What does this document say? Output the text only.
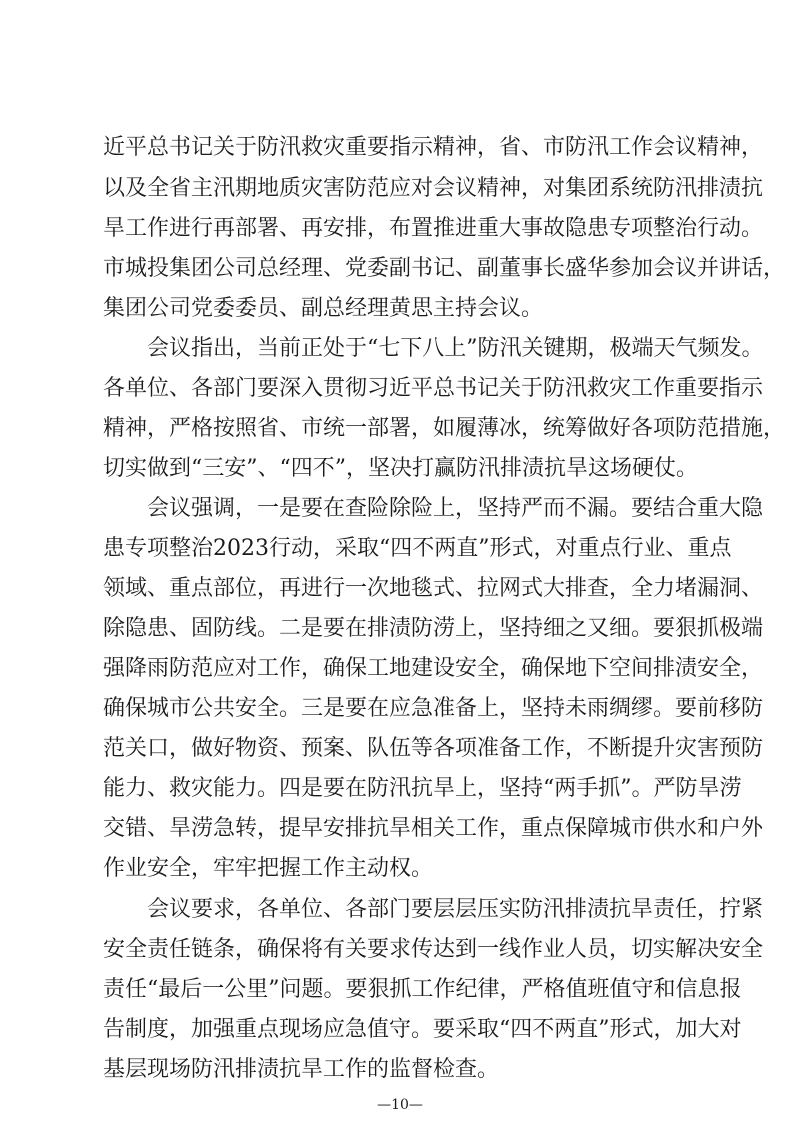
近平总书记关于防汛救灾重要指示精神，省、市防汛工作会议精神，
以及全省主汛期地质灾害防范应对会议精神，对集团系统防汛排渍抗
旱工作进行再部署、再安排，布置推进重大事故隐患专项整治行动。
市城投集团公司总经理、党委副书记、副董事长盛华参加会议并讲话，
集团公司党委委员、副总经理黄思主持会议。
会议指出，当前正处于“七下八上”防汛关键期，极端天气频发。
各单位、各部门要深入贯彻习近平总书记关于防汛救灾工作重要指示
精神，严格按照省、市统一部署，如履薄冰，统筹做好各项防范措施，
切实做到“三安”、“四不”，坚决打赢防汛排渍抗旱这场硬仗。
会议强调，一是要在查险除险上，坚持严而不漏。要结合重大隐
患专项整治2023行动，采取“四不两直”形式，对重点行业、重点
领域、重点部位，再进行一次地毯式、拉网式大排查，全力堵漏洞、
除隐患、固防线。二是要在排渍防涝上，坚持细之又细。要狠抓极端
强降雨防范应对工作，确保工地建设安全，确保地下空间排渍安全，
确保城市公共安全。三是要在应急准备上，坚持未雨绸缪。要前移防
范关口，做好物资、预案、队伍等各项准备工作，不断提升灾害预防
能力、救灾能力。四是要在防汛抗旱上，坚持“两手抓”。严防旱涝
交错、旱涝急转，提早安排抗旱相关工作，重点保障城市供水和户外
作业安全，牢牢把握工作主动权。
会议要求，各单位、各部门要层层压实防汛排渍抗旱责任，拧紧
安全责任链条，确保将有关要求传达到一线作业人员，切实解决安全
责任“最后一公里”问题。要狠抓工作纪律，严格值班值守和信息报
告制度，加强重点现场应急值守。要采取“四不两直”形式，加大对
基层现场防汛排渍抗旱工作的监督检查。
—10—
